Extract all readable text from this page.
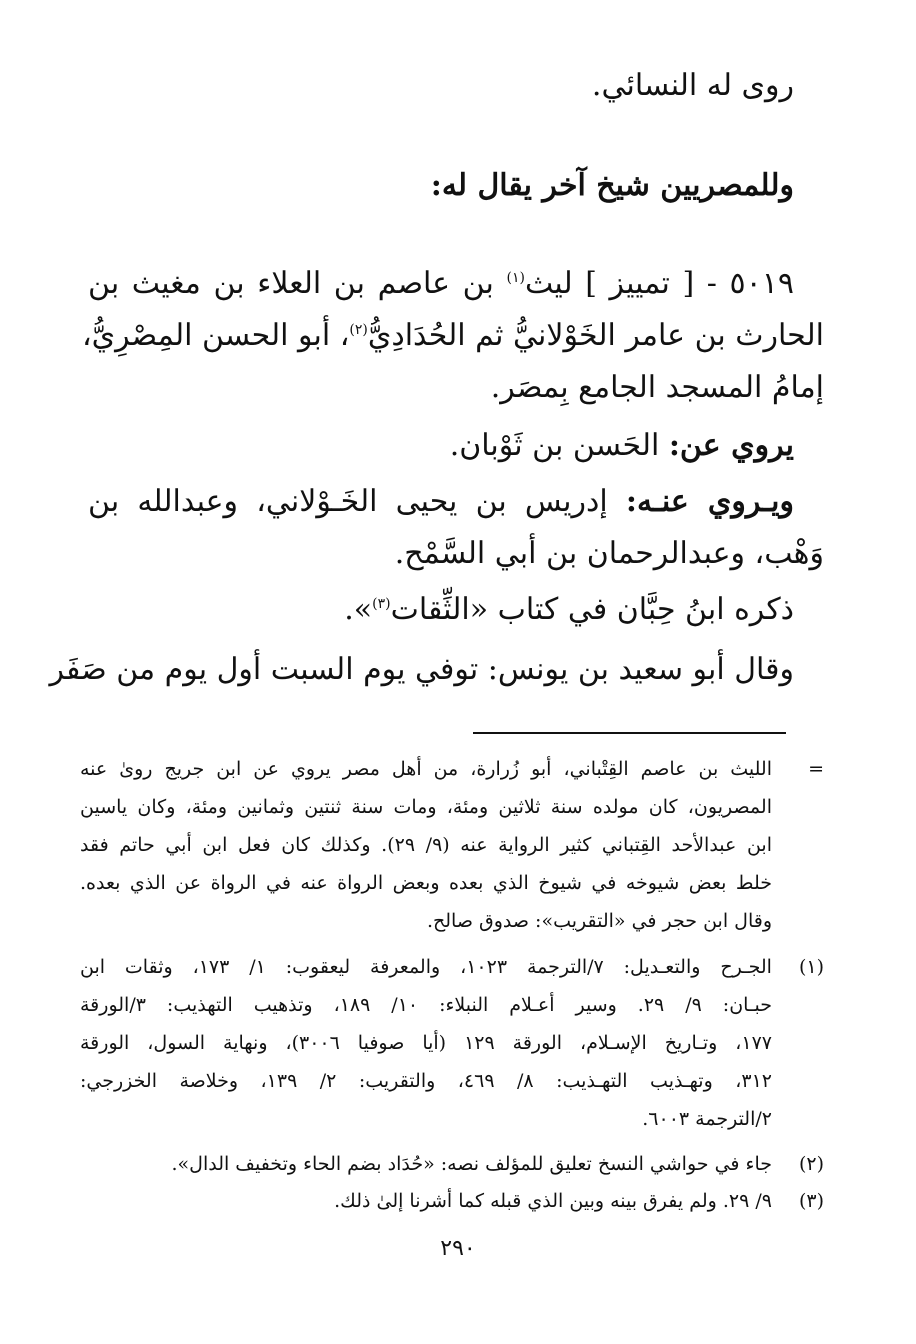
روى له النسائي.
وللمصريين شيخ آخر يقال له:
٥٠١٩ - [ تمييز ] ليث$^{(١)}$ بن عاصم بن العلاء بن مغيث بن
الحارث بن عامر الخَوْلانيُّ ثم الحُدَادِيُّ$^{(٢)}$، أبو الحسن المِصْرِيُّ،
إمامُ المسجد الجامع بِمصَر.
يروي عن: الحَسن بن ثَوْبان.
ويـروي عنـه: إدريس بن يحيى الخَـوْلاني، وعبدالله بن
وَهْب، وعبدالرحمان بن أبي السَّمْح.
ذكره ابنُ حِبَّان في كتاب «الثِّقات$^{(٣)}$».
وقال أبو سعيد بن يونس: توفي يوم السبت أول يوم من صَفَر
=
الليث بن عاصم القِتْباني، أبو زُرارة، من أهل مصر يروي عن ابن جريج روىٰ عنه
المصريون، كان مولده سنة ثلاثين ومئة، ومات سنة ثنتين وثمانين ومئة، وكان ياسين
ابن عبدالأحد القِتباني كثير الرواية عنه (٩/ ٢٩). وكذلك كان فعل ابن أبي حاتم فقد
خلط بعض شيوخه في شيوخ الذي بعده وبعض الرواة عنه في الرواة عن الذي بعده.
وقال ابن حجر في «التقريب»: صدوق صالح.
(١)
الجـرح والتعـديل: ٧/الترجمة ١٠٢٣، والمعرفة ليعقوب: ١/ ١٧٣، وثقات ابن
حبـان: ٩/ ٢٩. وسير أعـلام النبلاء: ١٠/ ١٨٩، وتذهيب التهذيب: ٣/الورقة
١٧٧، وتـاريخ الإسـلام، الورقة ١٢٩ (أيا صوفيا ٣٠٠٦)، ونهاية السول، الورقة
٣١٢، وتهـذيب التهـذيب: ٨/ ٤٦٩، والتقريب: ٢/ ١٣٩، وخلاصة الخزرجي:
٢/الترجمة ٦٠٠٣.
(٢)
جاء في حواشي النسخ تعليق للمؤلف نصه: «حُدَاد بضم الحاء وتخفيف الدال».
(٣)
٩/ ٢٩. ولم يفرق بينه وبين الذي قبله كما أشرنا إلىٰ ذلك.
٢٩٠
